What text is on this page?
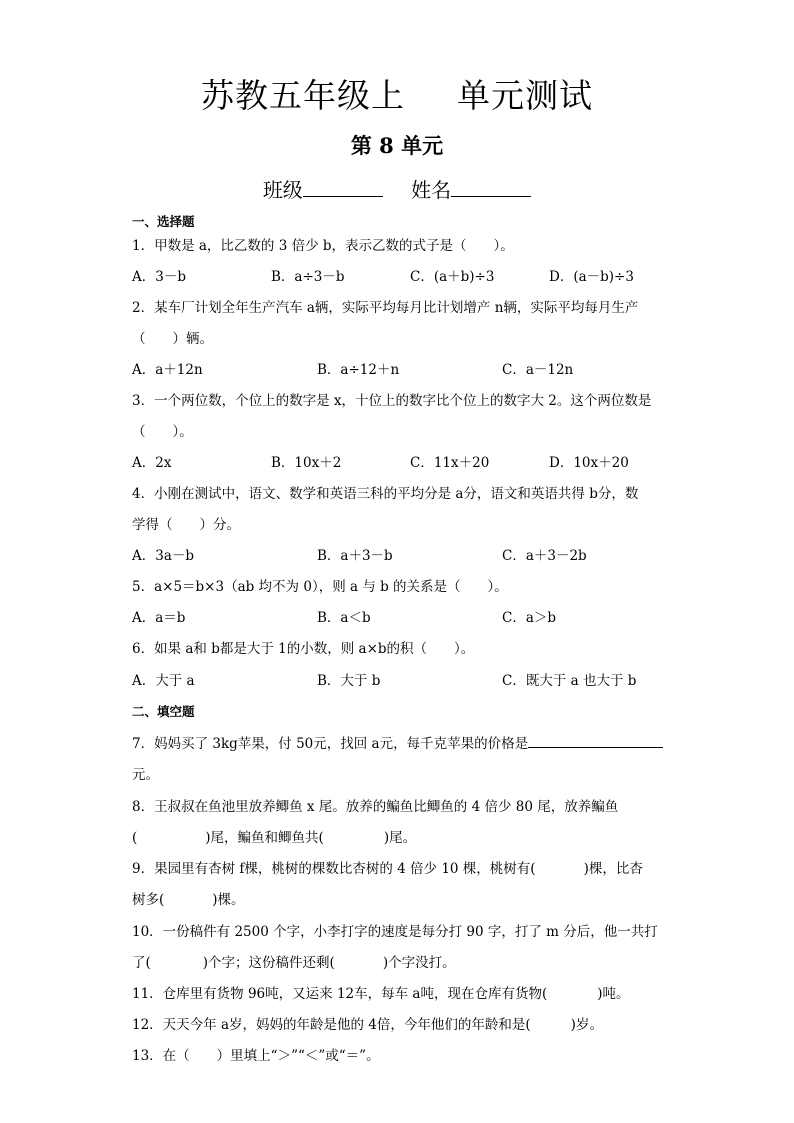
苏教五年级上 单元测试
第 8 单元
班级	姓名
一、选择题
1．甲数是 a，比乙数的 3 倍少 b，表示乙数的式子是（　　）。
A．3－b	B．a÷3－b	C．(a＋b)÷3	D．(a－b)÷3
2．某车厂计划全年生产汽车 a辆，实际平均每月比计划增产 n辆，实际平均每月生产
（　　）辆。
A．a＋12n	B．a÷12＋n	C．a－12n
3．一个两位数，个位上的数字是 x，十位上的数字比个位上的数字大 2。这个两位数是
（　　）。
A．2x	B．10x＋2	C．11x＋20	D．10x＋20
4．小刚在测试中，语文、数学和英语三科的平均分是 a分，语文和英语共得 b分，数
学得（　　）分。
A．3a－b	B．a＋3－b	C．a＋3－2b
5．a×5＝b×3（ab 均不为 0），则 a 与 b 的关系是（　　）。
A．a＝b	B．a＜b	C．a＞b
6．如果 a和 b都是大于 1的小数，则 a×b的积（　　）。
A．大于 a	B．大于 b	C．既大于 a 也大于 b
二、填空题
7．妈妈买了 3kg苹果，付 50元，找回 a元，每千克苹果的价格是
元。
8．王叔叔在鱼池里放养鲫鱼 x 尾。放养的鳊鱼比鲫鱼的 4 倍少 80 尾，放养鳊鱼
(	)尾，鳊鱼和鲫鱼共(	)尾。
9．果园里有杏树 f棵，桃树的棵数比杏树的 4 倍少 10 棵，桃树有(	)棵，比杏
树多(	)棵。
10．一份稿件有 2500 个字，小李打字的速度是每分打 90 字，打了 m 分后，他一共打
了(	)个字；这份稿件还剩(	)个字没打。
11．仓库里有货物 96吨，又运来 12车，每车 a吨，现在仓库有货物(	)吨。
12．天天今年 a岁，妈妈的年龄是他的 4倍，今年他们的年龄和是(	)岁。
13．在（　　）里填上“＞”“＜”或“＝”。
